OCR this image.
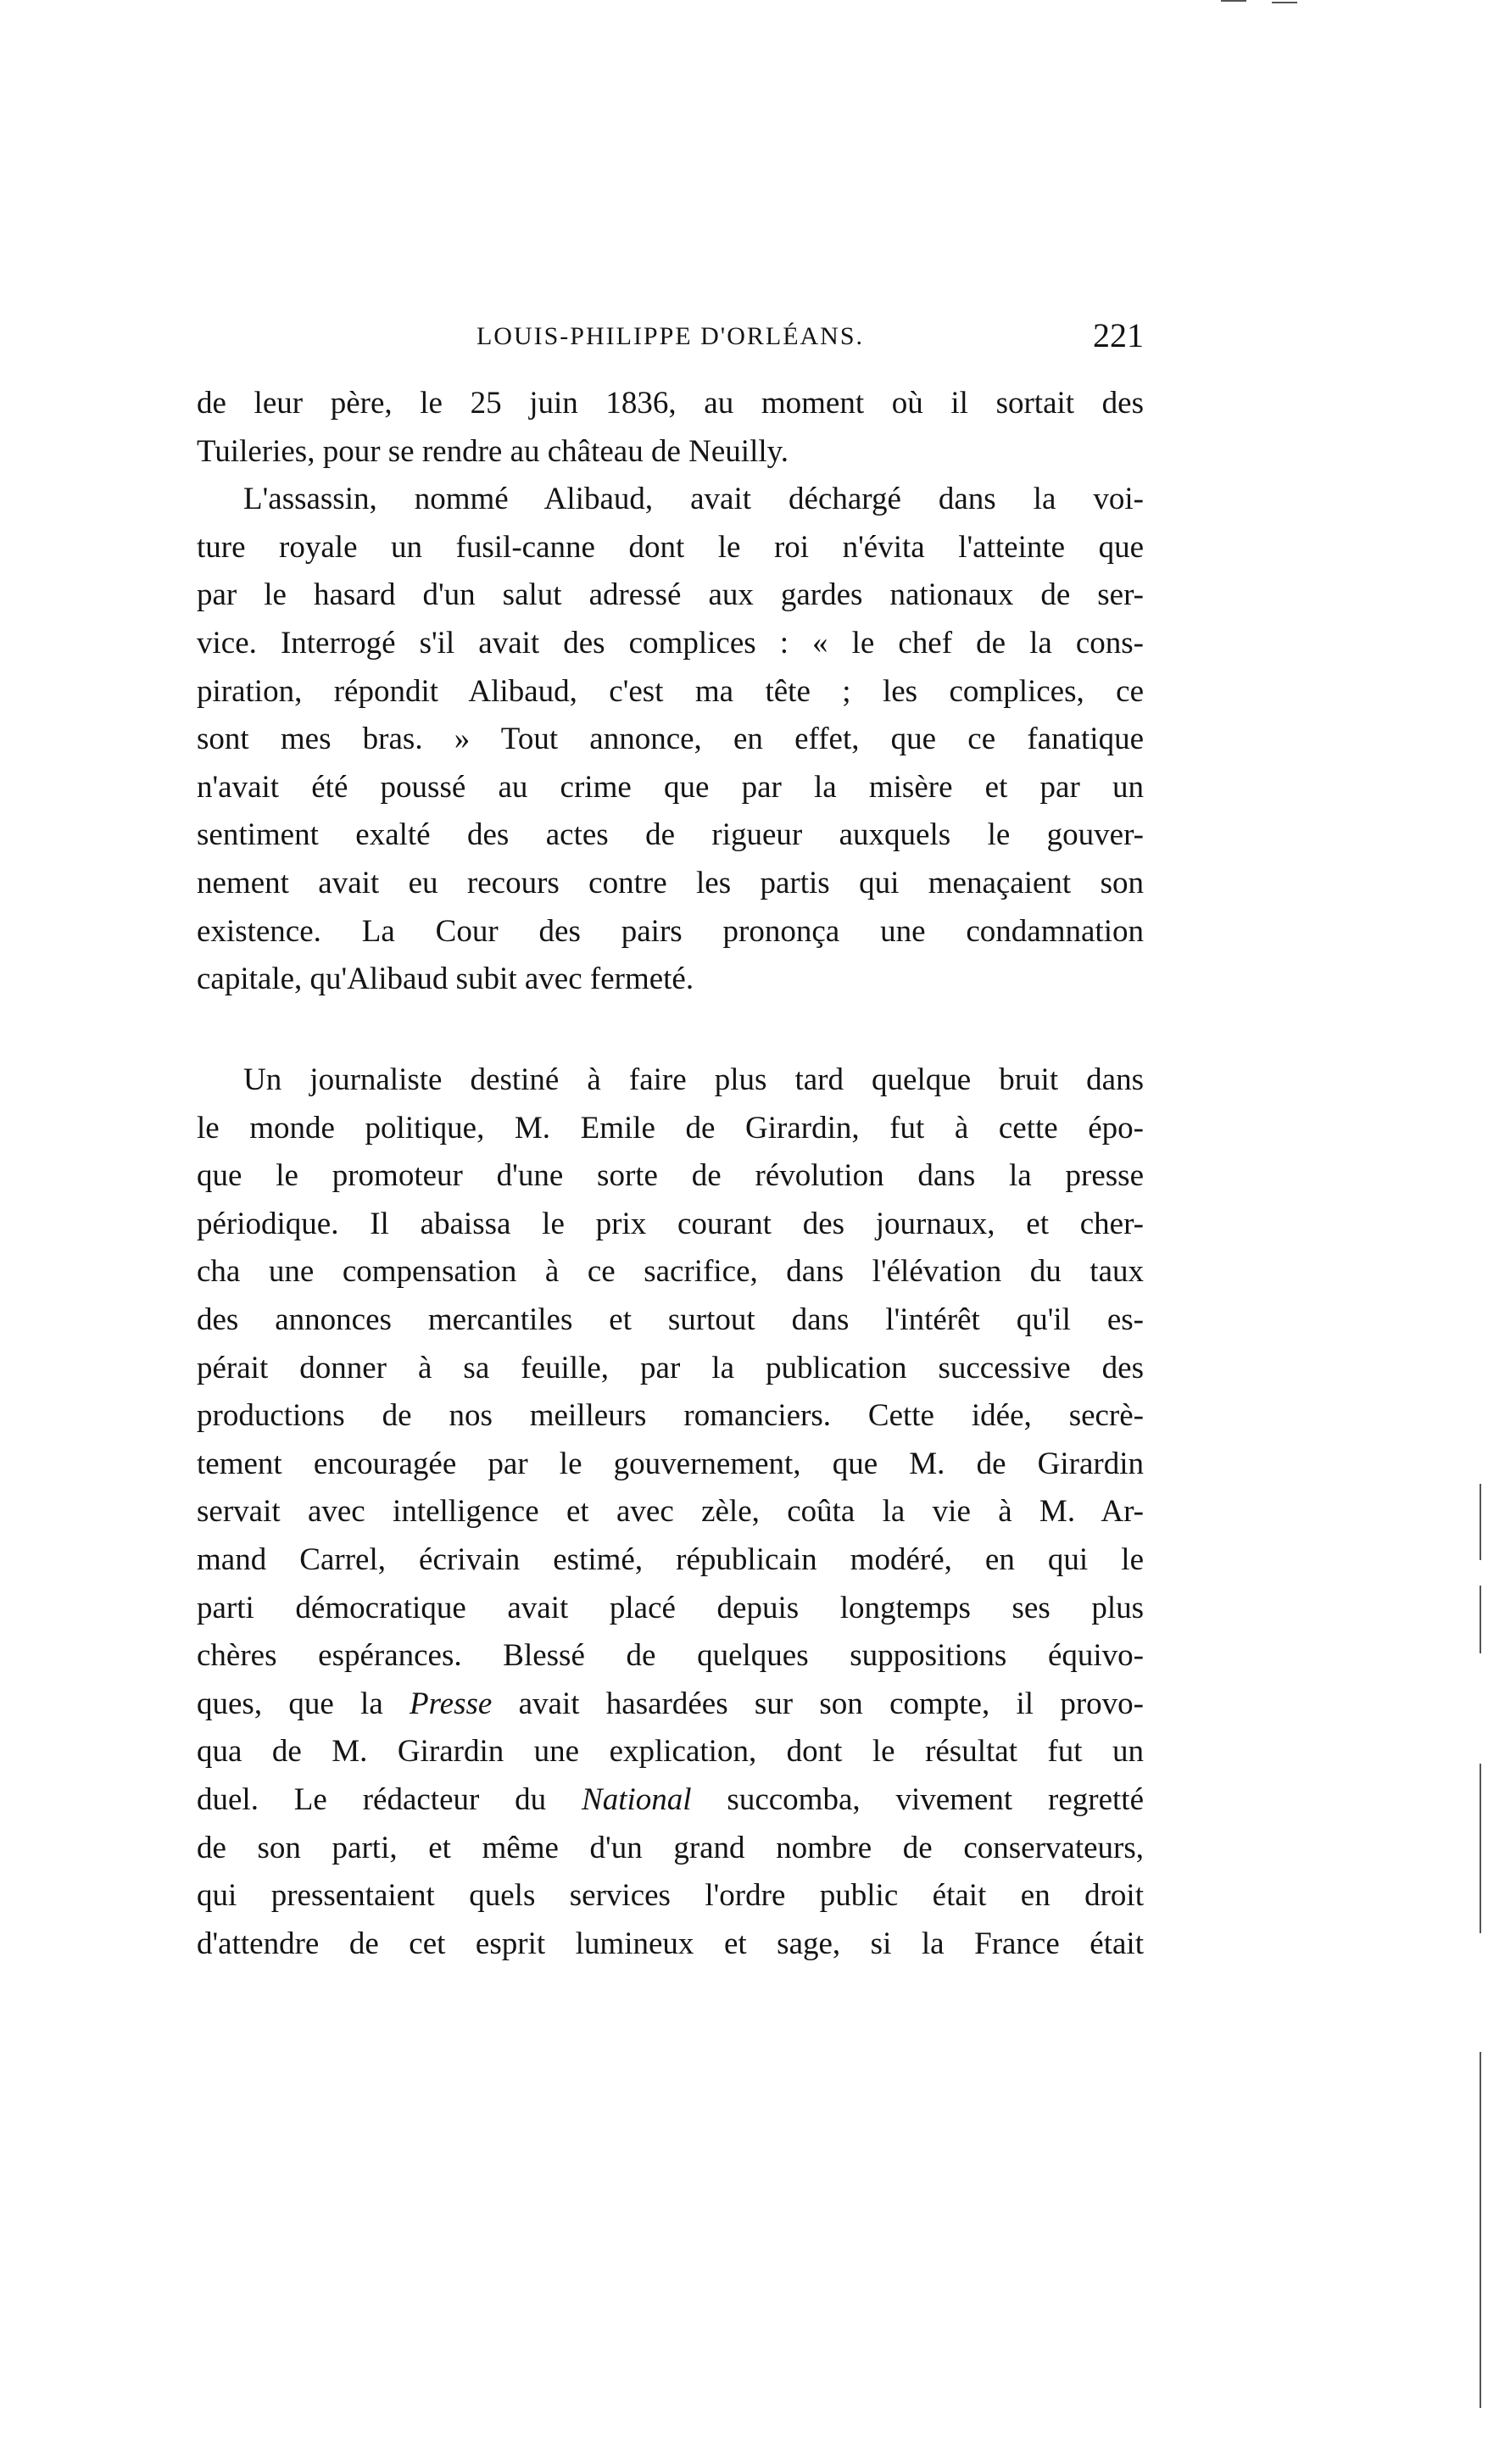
LOUIS-PHILIPPE D'ORLÉANS.	221
de leur père, le 25 juin 1836, au moment où il sortait des
Tuileries, pour se rendre au château de Neuilly.
L'assassin, nommé Alibaud, avait déchargé dans la voi-
ture royale un fusil-canne dont le roi n'évita l'atteinte que
par le hasard d'un salut adressé aux gardes nationaux de ser-
vice. Interrogé s'il avait des complices : « le chef de la cons-
piration, répondit Alibaud, c'est ma tête ; les complices, ce
sont mes bras. » Tout annonce, en effet, que ce fanatique
n'avait été poussé au crime que par la misère et par un
sentiment exalté des actes de rigueur auxquels le gouver-
nement avait eu recours contre les partis qui menaçaient son
existence. La Cour des pairs prononça une condamnation
capitale, qu'Alibaud subit avec fermeté.
Un journaliste destiné à faire plus tard quelque bruit dans
le monde politique, M. Emile de Girardin, fut à cette épo-
que le promoteur d'une sorte de révolution dans la presse
périodique. Il abaissa le prix courant des journaux, et cher-
cha une compensation à ce sacrifice, dans l'élévation du taux
des annonces mercantiles et surtout dans l'intérêt qu'il es-
pérait donner à sa feuille, par la publication successive des
productions de nos meilleurs romanciers. Cette idée, secrè-
tement encouragée par le gouvernement, que M. de Girardin
servait avec intelligence et avec zèle, coûta la vie à M. Ar-
mand Carrel, écrivain estimé, républicain modéré, en qui le
parti démocratique avait placé depuis longtemps ses plus
chères espérances. Blessé de quelques suppositions équivo-
ques, que la Presse avait hasardées sur son compte, il provo-
qua de M. Girardin une explication, dont le résultat fut un
duel. Le rédacteur du National succomba, vivement regretté
de son parti, et même d'un grand nombre de conservateurs,
qui pressentaient quels services l'ordre public était en droit
d'attendre de cet esprit lumineux et sage, si la France était
